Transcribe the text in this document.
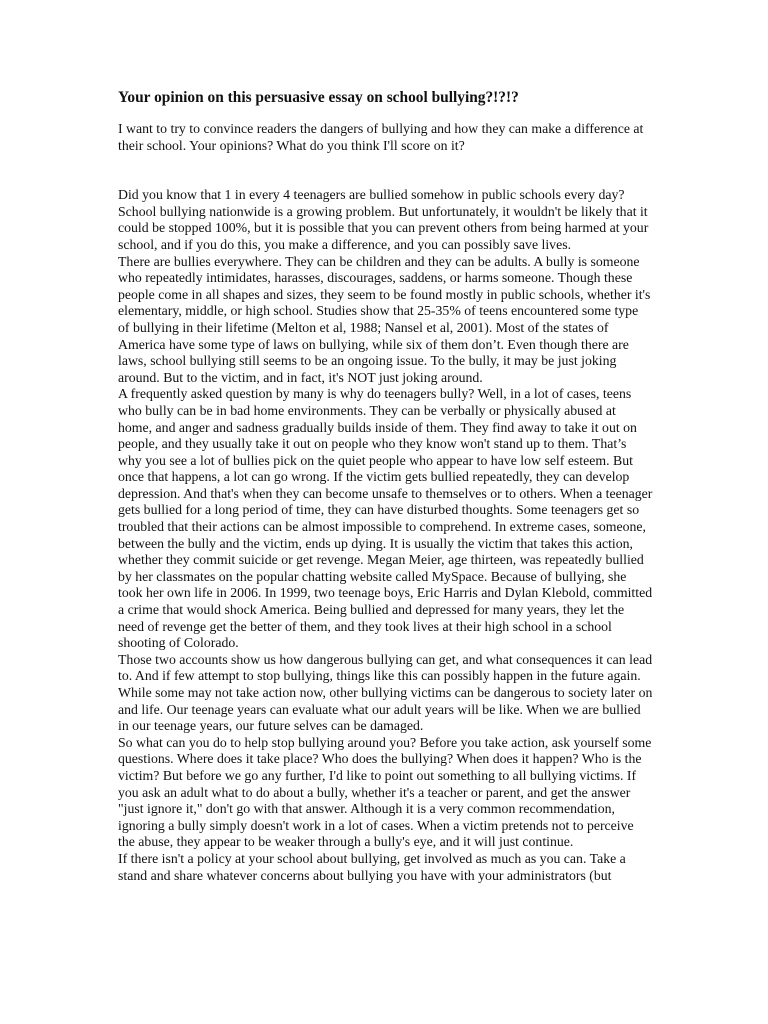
Your opinion on this persuasive essay on school bullying?!?!?
I want to try to convince readers the dangers of bullying and how they can make a difference at their school. Your opinions? What do you think I'll score on it?

Did you know that 1 in every 4 teenagers are bullied somehow in public schools every day? School bullying nationwide is a growing problem. But unfortunately, it wouldn't be likely that it could be stopped 100%, but it is possible that you can prevent others from being harmed at your school, and if you do this, you make a difference, and you can possibly save lives.

There are bullies everywhere. They can be children and they can be adults. A bully is someone who repeatedly intimidates, harasses, discourages, saddens, or harms someone. Though these people come in all shapes and sizes, they seem to be found mostly in public schools, whether it's elementary, middle, or high school. Studies show that 25-35% of teens encountered some type of bullying in their lifetime (Melton et al, 1988; Nansel et al, 2001). Most of the states of America have some type of laws on bullying, while six of them don’t. Even though there are laws, school bullying still seems to be an ongoing issue. To the bully, it may be just joking around. But to the victim, and in fact, it's NOT just joking around.

A frequently asked question by many is why do teenagers bully? Well, in a lot of cases, teens who bully can be in bad home environments. They can be verbally or physically abused at home, and anger and sadness gradually builds inside of them. They find away to take it out on people, and they usually take it out on people who they know won't stand up to them. That’s why you see a lot of bullies pick on the quiet people who appear to have low self esteem. But once that happens, a lot can go wrong. If the victim gets bullied repeatedly, they can develop depression. And that's when they can become unsafe to themselves or to others. When a teenager gets bullied for a long period of time, they can have disturbed thoughts. Some teenagers get so troubled that their actions can be almost impossible to comprehend. In extreme cases, someone, between the bully and the victim, ends up dying. It is usually the victim that takes this action, whether they commit suicide or get revenge. Megan Meier, age thirteen, was repeatedly bullied by her classmates on the popular chatting website called MySpace. Because of bullying, she took her own life in 2006. In 1999, two teenage boys, Eric Harris and Dylan Klebold, committed a crime that would shock America. Being bullied and depressed for many years, they let the need of revenge get the better of them, and they took lives at their high school in a school shooting of Colorado.

Those two accounts show us how dangerous bullying can get, and what consequences it can lead to. And if few attempt to stop bullying, things like this can possibly happen in the future again. While some may not take action now, other bullying victims can be dangerous to society later on and life. Our teenage years can evaluate what our adult years will be like. When we are bullied in our teenage years, our future selves can be damaged.

So what can you do to help stop bullying around you? Before you take action, ask yourself some questions. Where does it take place? Who does the bullying? When does it happen? Who is the victim? But before we go any further, I'd like to point out something to all bullying victims. If you ask an adult what to do about a bully, whether it's a teacher or parent, and get the answer "just ignore it," don't go with that answer. Although it is a very common recommendation, ignoring a bully simply doesn't work in a lot of cases. When a victim pretends not to perceive the abuse, they appear to be weaker through a bully's eye, and it will just continue.

If there isn't a policy at your school about bullying, get involved as much as you can. Take a stand and share whatever concerns about bullying you have with your administrators (but
